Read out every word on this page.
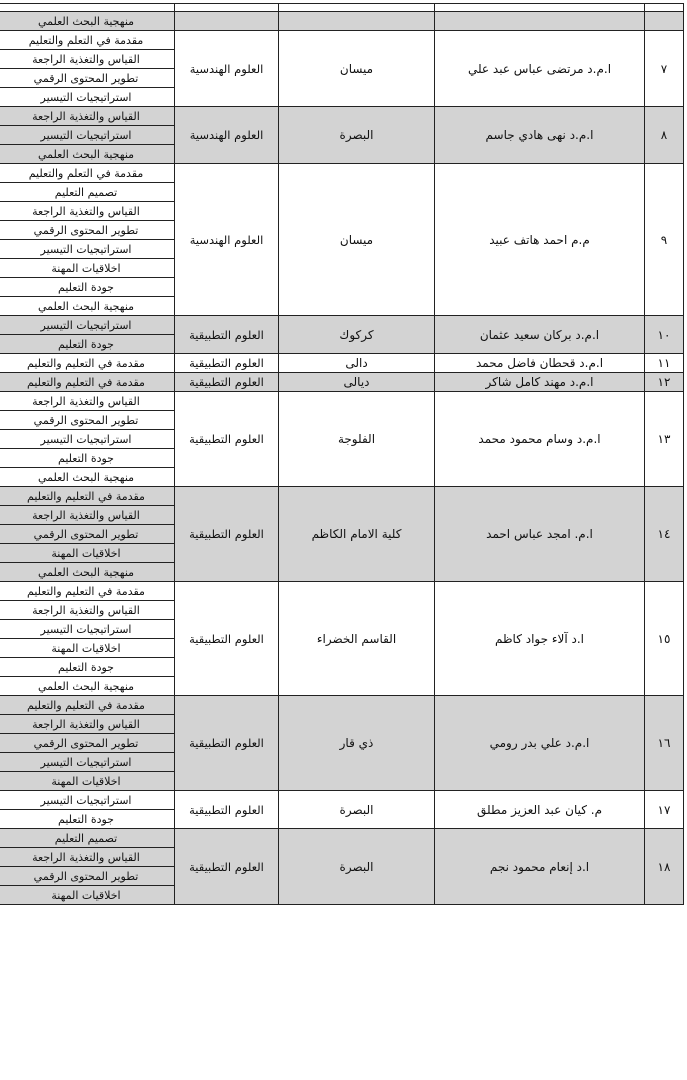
				منهجية البحث العلمي
٧	ا.م.د مرتضى عباس عبد علي	ميسان	العلوم الهندسية	مقدمة في التعلم والتعليم
				القياس والتغذية الراجعة
				تطوير المحتوى الرقمي
				استراتيجيات التيسير
٨	ا.م.د نهى هادي جاسم	البصرة	العلوم الهندسية	القياس والتغذية الراجعة
				استراتيجيات التيسير
				منهجية البحث العلمي
٩	م.م احمد هاتف عبيد	ميسان	العلوم الهندسية	مقدمة في التعلم والتعليم
				تصميم التعليم
				القياس والتغذية الراجعة
				تطوير المحتوى الرقمي
				استراتيجيات التيسير
				اخلاقيات المهنة
				جودة التعليم
				منهجية البحث العلمي
١٠	ا.م.د بركان سعيد عثمان	كركوك	العلوم التطبيقية	استراتيجيات التيسير
				جودة التعليم
١١	ا.م.د قحطان فاضل محمد	دالى	العلوم التطبيقية	مقدمة في التعليم والتعليم
١٢	ا.م.د مهند كامل شاكر	ديالى	العلوم التطبيقية	مقدمة في التعليم والتعليم
١٣	ا.م.د وسام محمود محمد	الفلوجة	العلوم التطبيقية	القياس والتغذية الراجعة
				تطوير المحتوى الرقمي
				استراتيجيات التيسير
				جودة التعليم
				منهجية البحث العلمي
١٤	ا.م. امجد عباس احمد	كلية الامام الكاظم	العلوم التطبيقية	مقدمة في التعليم والتعليم
				القياس والتغذية الراجعة
				تطوير المحتوى الرقمي
				اخلاقيات المهنة
				منهجية البحث العلمي
١٥	ا.د آلاء جواد كاظم	القاسم الخضراء	العلوم التطبيقية	مقدمة في التعليم والتعليم
				القياس والتغذية الراجعة
				استراتيجيات التيسير
				اخلاقيات المهنة
				جودة التعليم
				منهجية البحث العلمي
١٦	ا.م.د علي بدر رومي	ذي قار	العلوم التطبيقية	مقدمة في التعليم والتعليم
				القياس والتغذية الراجعة
				تطوير المحتوى الرقمي
				استراتيجيات التيسير
				اخلاقيات المهنة
١٧	م. كيان عبد العزيز مطلق	البصرة	العلوم التطبيقية	استراتيجيات التيسير
				جودة التعليم
١٨	ا.د إنعام محمود نجم	البصرة	العلوم التطبيقية	تصميم التعليم
				القياس والتغذية الراجعة
				تطوير المحتوى الرقمي
				اخلاقيات المهنة
